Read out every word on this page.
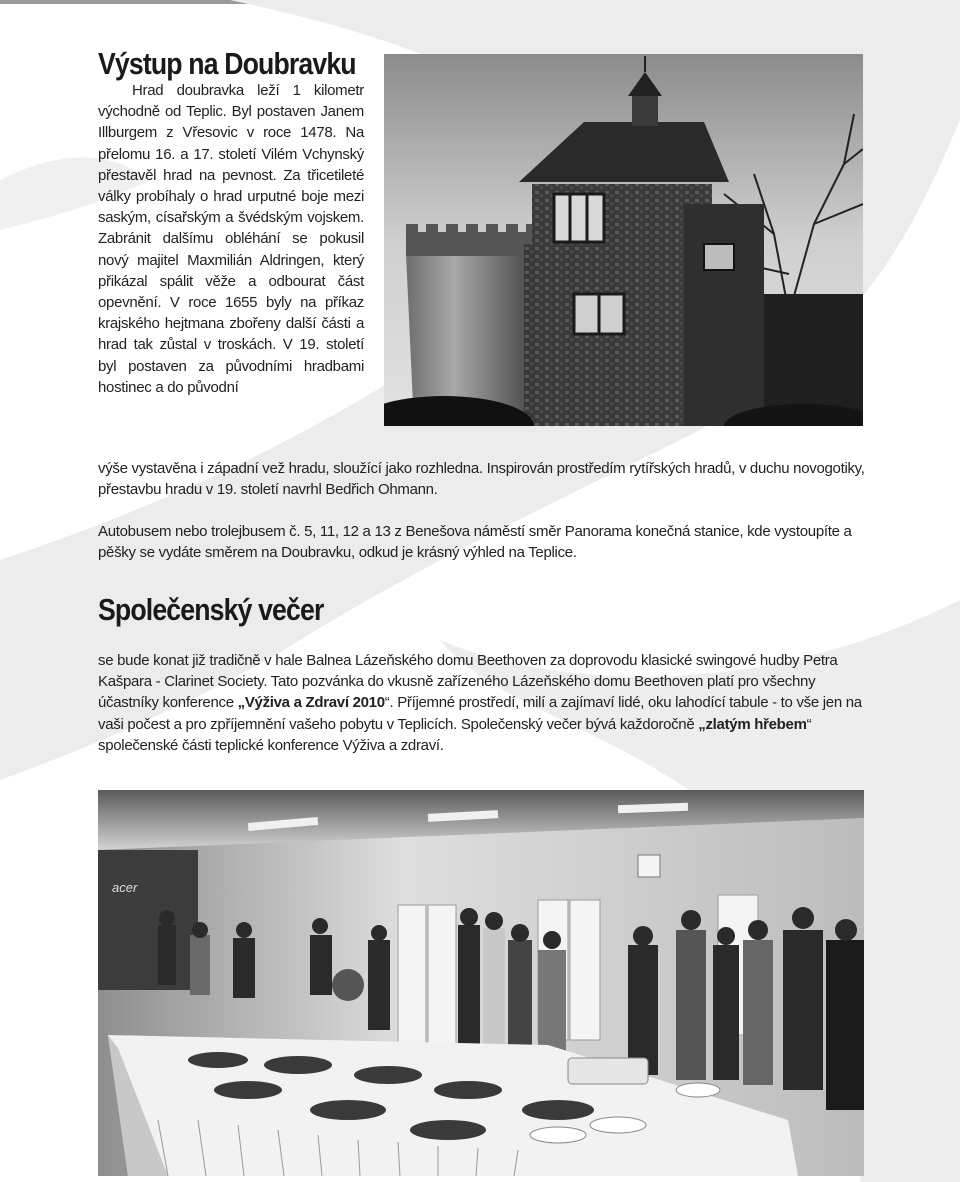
Výstup na Doubravku

Hrad doubravka leží 1 kilometr východně od Teplic. Byl postaven Janem Illburgem z Vřesovic v roce 1478. Na přelomu 16. a 17. století Vilém Vchynský přestavěl hrad na pevnost. Za třicetileté války probíhaly o hrad urputné boje mezi saským, císařským a švédským vojskem. Zabránit dalšímu obléhání se pokusil nový majitel Maxmilián Aldringen, který přikázal spálit věže a odbourat část opevnění. V roce 1655 byly na příkaz krajského hejtmana zbořeny další části a hrad tak zůstal v troskách. V 19. století byl postaven za původními hradbami hostinec a do původní

výše vystavěna i západní vež hradu, sloužící jako rozhledna. Inspirován prostředím rytířských hradů, v duchu novogotiky, přestavbu hradu v 19. století navrhl Bedřich Ohmann.

Autobusem nebo trolejbusem č. 5, 11, 12 a 13 z Benešova náměstí směr Panorama konečná stanice, kde vystoupíte a pěšky se vydáte směrem na Doubravku, odkud je krásný výhled na Teplice.

Společenský večer

se bude konat již tradičně v hale Balnea Lázeňského domu Beethoven za doprovodu klasické swingové hudby Petra Kašpara - Clarinet Society. Tato pozvánka do vkusně zařízeného Lázeňského domu Beethoven platí pro všechny účastníky konference „Výživa a Zdraví 2010“. Příjemné prostředí, milí a zajímaví lidé, oku lahodící tabule - to vše jen na vaši počest a pro zpříjemnění vašeho pobytu v Teplicích. Společenský večer bývá každoročně „zlatým hřebem“ společenské části teplické konference Výživa a zdraví.

acer
